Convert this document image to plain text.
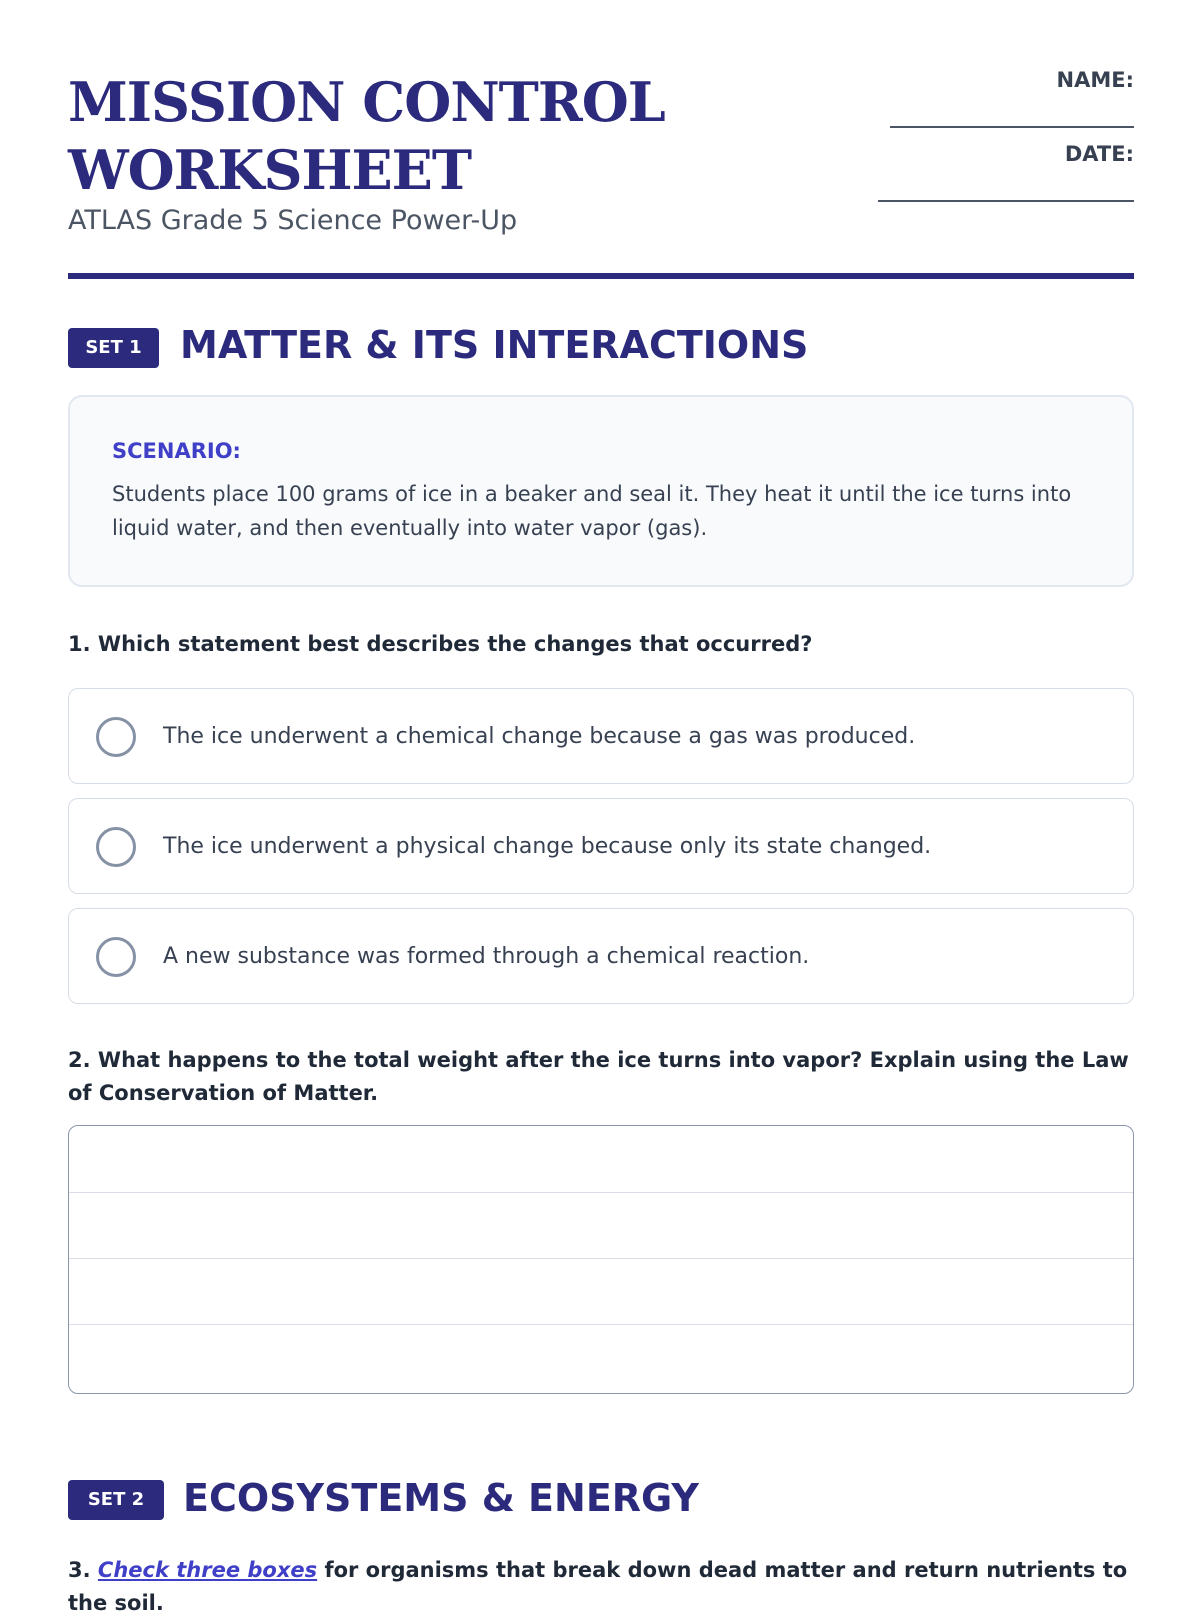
MISSION CONTROL WORKSHEET
ATLAS Grade 5 Science Power-Up
NAME:
DATE:
SET 1	MATTER & ITS INTERACTIONS
SCENARIO:

Students place 100 grams of ice in a beaker and seal it. They heat it until the ice turns into liquid water, and then eventually into water vapor (gas).

1. Which statement best describes the changes that occurred?
The ice underwent a chemical change because a gas was produced.
The ice underwent a physical change because only its state changed.
A new substance was formed through a chemical reaction.
2. What happens to the total weight after the ice turns into vapor? Explain using the Law of Conservation of Matter.
SET 2	ECOSYSTEMS & ENERGY
3. Check three boxes for organisms that break down dead matter and return nutrients to the soil.
